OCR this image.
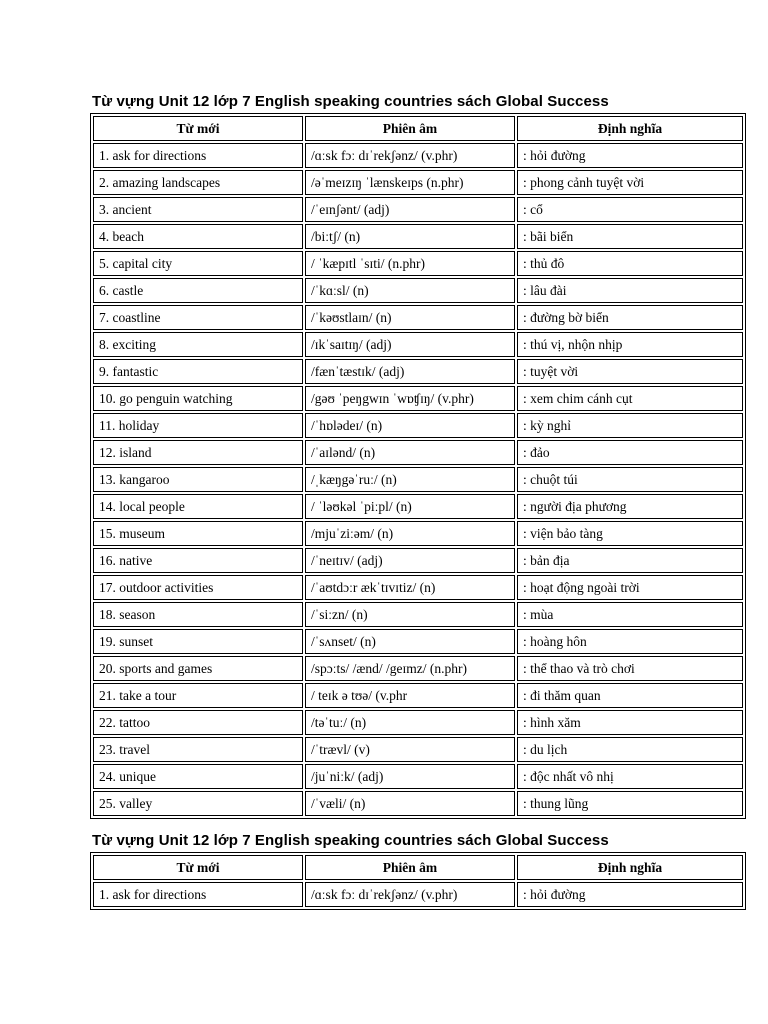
Từ vựng Unit 12 lớp 7 English speaking countries sách Global Success
Từ mới	Phiên âm	Định nghĩa
1. ask for directions	/ɑːsk fɔː dɪˈrekʃənz/ (v.phr)	: hỏi đường
2. amazing landscapes	/əˈmeɪzɪŋ ˈlænskeɪps (n.phr)	: phong cảnh tuyệt vời
3. ancient	/ˈeɪnʃənt/ (adj)	: cổ
4. beach	/biːtʃ/ (n)	: bãi biển
5. capital city	/ ˈkæpɪtl ˈsɪti/ (n.phr)	: thủ đô
6. castle	/ˈkɑːsl/ (n)	: lâu đài
7. coastline	/ˈkəʊstlaɪn/ (n)	: đường bờ biển
8. exciting	/ɪkˈsaɪtɪŋ/ (adj)	: thú vị, nhộn nhịp
9. fantastic	/fænˈtæstɪk/ (adj)	: tuyệt vời
10. go penguin watching	/gəʊ ˈpeŋgwɪn ˈwɒʧɪŋ/ (v.phr)	: xem chim cánh cụt
11. holiday	/ˈhɒlədeɪ/ (n)	: kỳ nghỉ
12. island	/ˈaɪlənd/ (n)	: đảo
13. kangaroo	/ˌkæŋgəˈruː/ (n)	: chuột túi
14. local people	/ ˈləʊkəl ˈpiːpl/ (n)	: người địa phương
15. museum	/mjuˈziːəm/ (n)	: viện bảo tàng
16. native	/ˈneɪtɪv/ (adj)	: bản địa
17. outdoor activities	/ˈaʊtdɔːr ækˈtɪvɪtiz/ (n)	: hoạt động ngoài trời
18. season	/ˈsiːzn/ (n)	: mùa
19. sunset	/ˈsʌnset/ (n)	: hoàng hôn
20. sports and games	/spɔːts/ /ænd/ /geɪmz/ (n.phr)	: thể thao và trò chơi
21. take a tour	/ teɪk ə tʊə/ (v.phr	: đi thăm quan
22. tattoo	/təˈtuː/ (n)	: hình xăm
23. travel	/ˈtrævl/ (v)	: du lịch
24. unique	/juˈniːk/ (adj)	: độc nhất vô nhị
25. valley	/ˈvæli/ (n)	: thung lũng
Từ vựng Unit 12 lớp 7 English speaking countries sách Global Success
Từ mới	Phiên âm	Định nghĩa
1. ask for directions	/ɑːsk fɔː dɪˈrekʃənz/ (v.phr)	: hỏi đường
